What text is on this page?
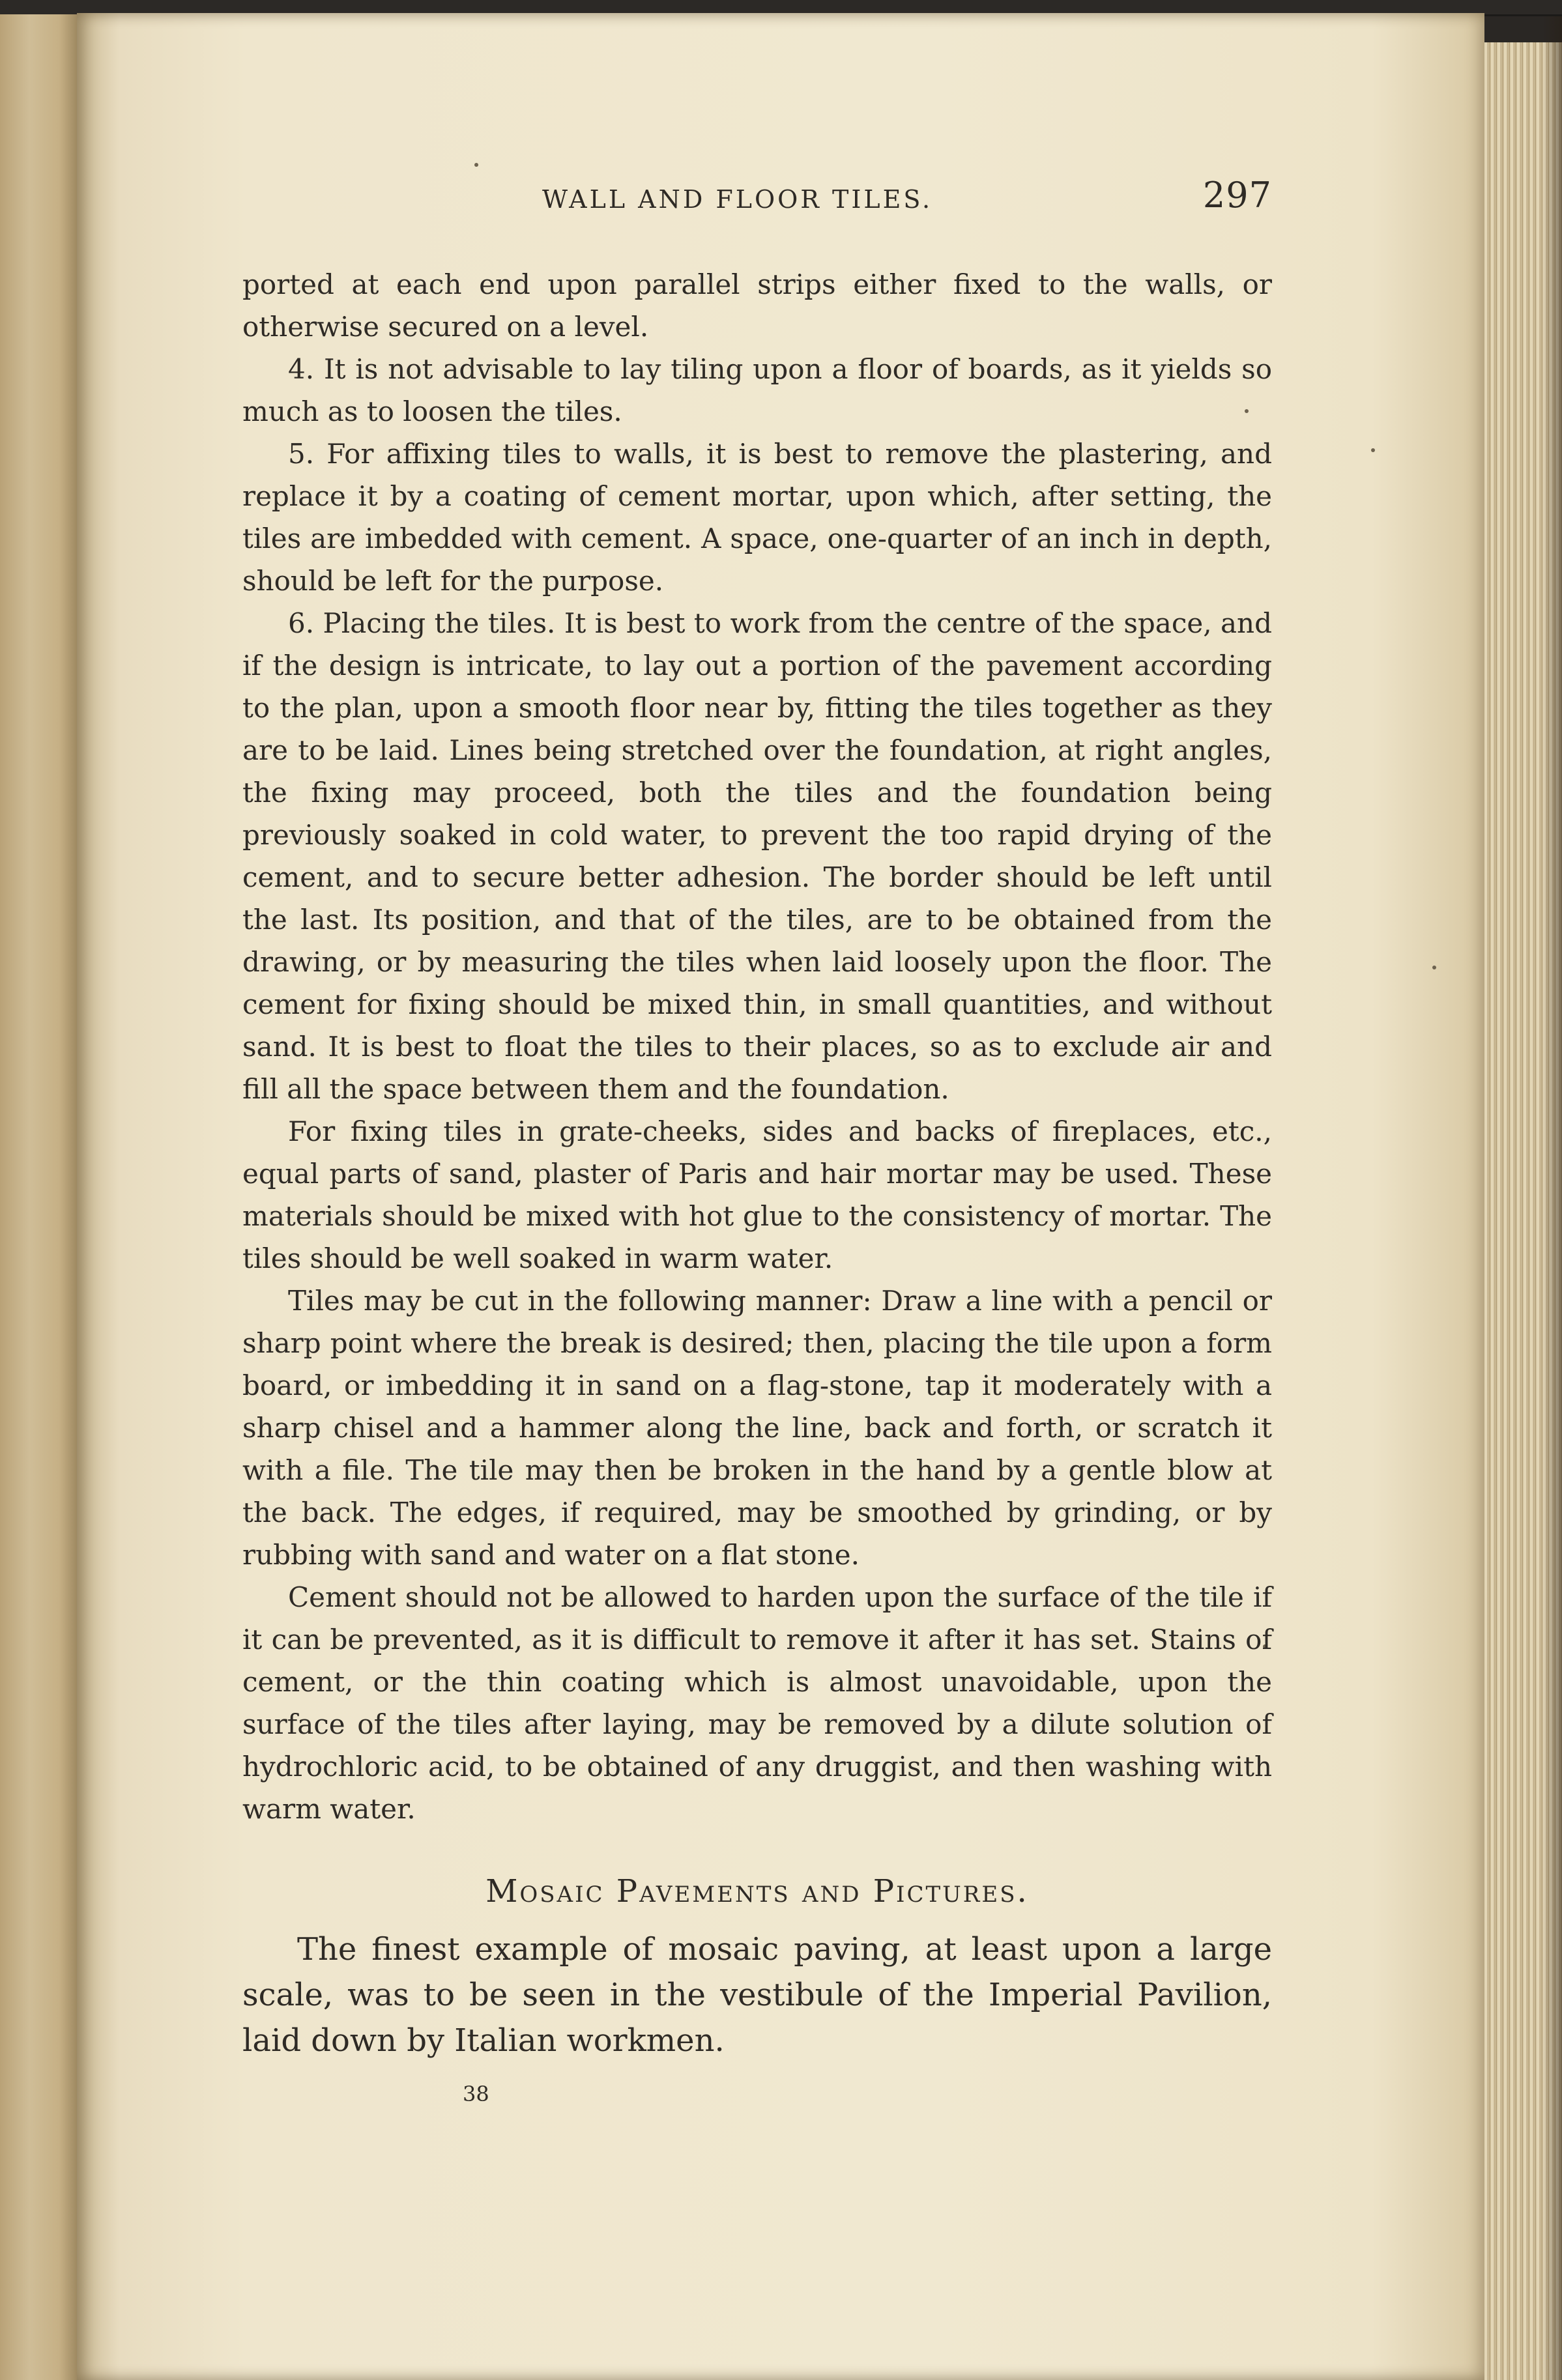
WALL AND FLOOR TILES.	297

ported at each end upon parallel strips either fixed to the walls, or otherwise secured on a level.

4. It is not advisable to lay tiling upon a floor of boards, as it yields so much as to loosen the tiles.

5. For affixing tiles to walls, it is best to remove the plastering, and replace it by a coating of cement mortar, upon which, after setting, the tiles are imbedded with cement. A space, one-quarter of an inch in depth, should be left for the purpose.

6. Placing the tiles. It is best to work from the centre of the space, and if the design is intricate, to lay out a portion of the pavement according to the plan, upon a smooth floor near by, fitting the tiles together as they are to be laid. Lines being stretched over the foundation, at right angles, the fixing may proceed, both the tiles and the foundation being previously soaked in cold water, to prevent the too rapid drying of the cement, and to secure better adhesion. The border should be left until the last. Its position, and that of the tiles, are to be obtained from the drawing, or by measuring the tiles when laid loosely upon the floor. The cement for fixing should be mixed thin, in small quantities, and without sand. It is best to float the tiles to their places, so as to exclude air and fill all the space between them and the foundation.

For fixing tiles in grate-cheeks, sides and backs of fireplaces, etc., equal parts of sand, plaster of Paris and hair mortar may be used. These materials should be mixed with hot glue to the consistency of mortar. The tiles should be well soaked in warm water.

Tiles may be cut in the following manner: Draw a line with a pencil or sharp point where the break is desired; then, placing the tile upon a form board, or imbedding it in sand on a flag-stone, tap it moderately with a sharp chisel and a hammer along the line, back and forth, or scratch it with a file. The tile may then be broken in the hand by a gentle blow at the back. The edges, if required, may be smoothed by grinding, or by rubbing with sand and water on a flat stone.

Cement should not be allowed to harden upon the surface of the tile if it can be prevented, as it is difficult to remove it after it has set. Stains of cement, or the thin coating which is almost unavoidable, upon the surface of the tiles after laying, may be removed by a dilute solution of hydrochloric acid, to be obtained of any druggist, and then washing with warm water.

Mosaic Pavements and Pictures.

The finest example of mosaic paving, at least upon a large scale, was to be seen in the vestibule of the Imperial Pavilion, laid down by Italian workmen.

38
